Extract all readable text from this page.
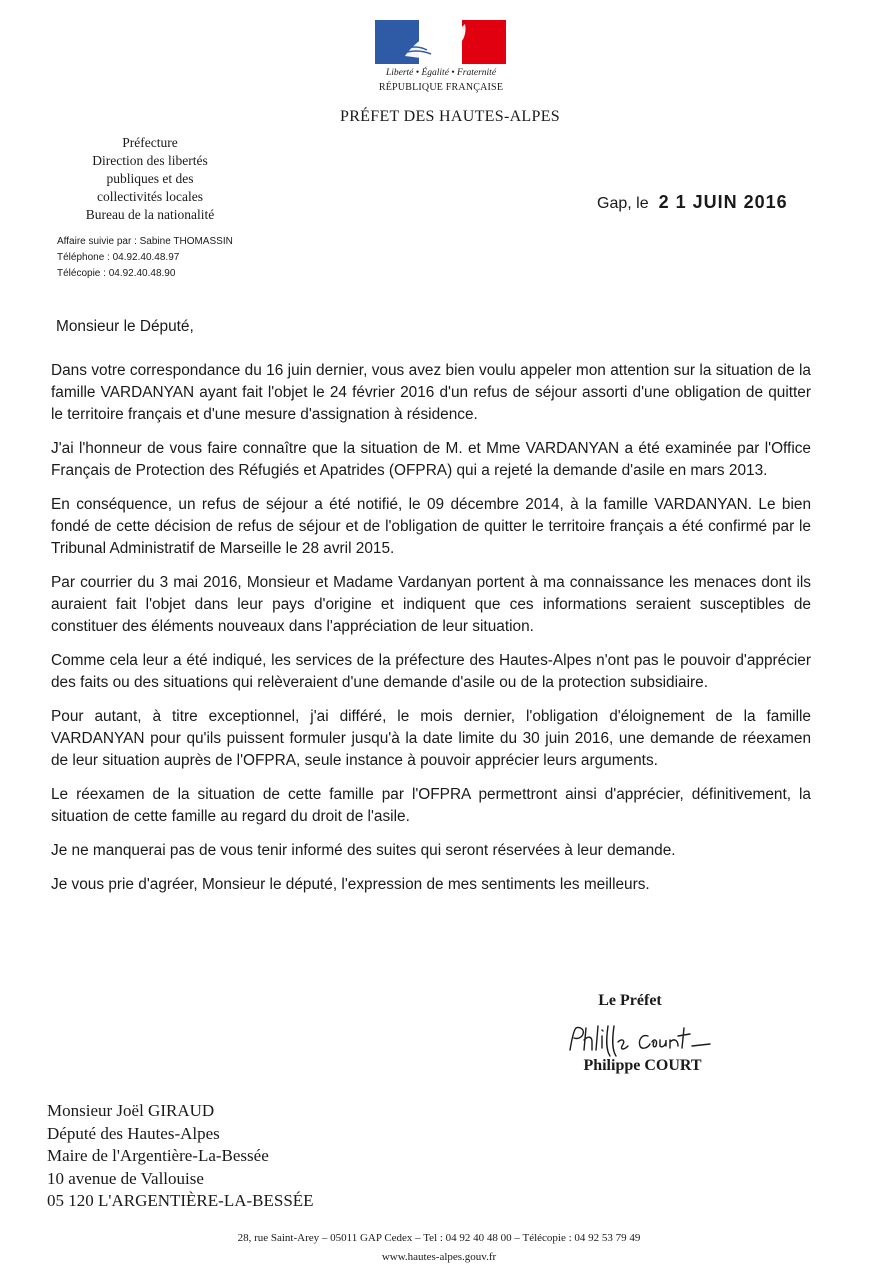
Liberté • Égalité • Fraternité
RÉPUBLIQUE FRANÇAISE
PRÉFET DES HAUTES-ALPES
Préfecture
Direction des libertés
publiques et des
collectivités locales
Bureau de la nationalité
Affaire suivie par : Sabine THOMASSIN
Téléphone : 04.92.40.48.97
Télécopie : 04.92.40.48.90
Gap, le 2 1 JUIN 2016
Monsieur le Député,

Dans votre correspondance du 16 juin dernier, vous avez bien voulu appeler mon attention sur la situation de la famille VARDANYAN ayant fait l'objet le 24 février 2016 d'un refus de séjour assorti d'une obligation de quitter le territoire français et d'une mesure d'assignation à résidence.

J'ai l'honneur de vous faire connaître que la situation de M. et Mme VARDANYAN a été examinée par l'Office Français de Protection des Réfugiés et Apatrides (OFPRA) qui a rejeté la demande d'asile en mars 2013.

En conséquence, un refus de séjour a été notifié, le 09 décembre 2014, à la famille VARDANYAN. Le bien fondé de cette décision de refus de séjour et de l'obligation de quitter le territoire français a été confirmé par le Tribunal Administratif de Marseille le 28 avril 2015.

Par courrier du 3 mai 2016, Monsieur et Madame Vardanyan portent à ma connaissance les menaces dont ils auraient fait l'objet dans leur pays d'origine et indiquent que ces informations seraient susceptibles de constituer des éléments nouveaux dans l'appréciation de leur situation.

Comme cela leur a été indiqué, les services de la préfecture des Hautes-Alpes n'ont pas le pouvoir d'apprécier des faits ou des situations qui relèveraient d'une demande d'asile ou de la protection subsidiaire.

Pour autant, à titre exceptionnel, j'ai différé, le mois dernier, l'obligation d'éloignement de la famille VARDANYAN pour qu'ils puissent formuler jusqu'à la date limite du 30 juin 2016, une demande de réexamen de leur situation auprès de l'OFPRA, seule instance à pouvoir apprécier leurs arguments.

Le réexamen de la situation de cette famille par l'OFPRA permettront ainsi d'apprécier, définitivement, la situation de cette famille au regard du droit de l'asile.

Je ne manquerai pas de vous tenir informé des suites qui seront réservées à leur demande.

Je vous prie d'agréer, Monsieur le député, l'expression de mes sentiments les meilleurs.

Le Préfet
Philippe COURT
Monsieur Joël GIRAUD
Député des Hautes-Alpes
Maire de l'Argentière-La-Bessée
10 avenue de Vallouise
05 120 L'ARGENTIÈRE-LA-BESSÉE
28, rue Saint-Arey – 05011 GAP Cedex – Tel : 04 92 40 48 00 – Télécopie : 04 92 53 79 49
www.hautes-alpes.gouv.fr
